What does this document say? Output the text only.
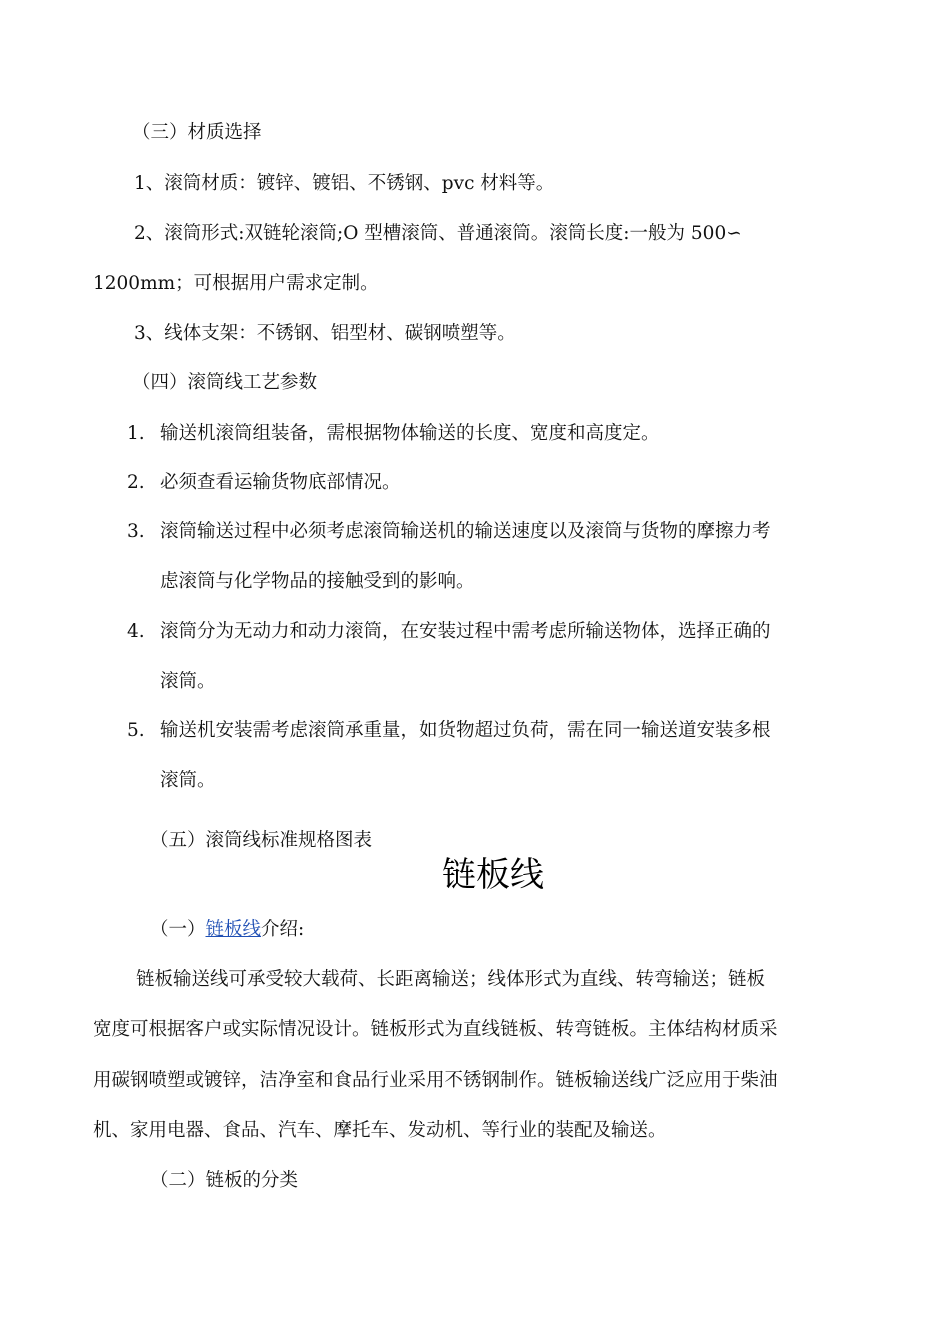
（三）材质选择
1、滚筒材质：镀锌、镀铝、不锈钢、pvc 材料等。
2、滚筒形式:双链轮滚筒;O 型槽滚筒、普通滚筒。滚筒长度:一般为 500∽
1200mm；可根据用户需求定制。
3、线体支架：不锈钢、铝型材、碳钢喷塑等。
（四）滚筒线工艺参数
1. 输送机滚筒组装备，需根据物体输送的长度、宽度和高度定。
2. 必须查看运输货物底部情况。
3. 滚筒输送过程中必须考虑滚筒输送机的输送速度以及滚筒与货物的摩擦力考
虑滚筒与化学物品的接触受到的影响。
4. 滚筒分为无动力和动力滚筒，在安装过程中需考虑所输送物体，选择正确的
滚筒。
5. 输送机安装需考虑滚筒承重量，如货物超过负荷，需在同一输送道安装多根
滚筒。
（五）滚筒线标准规格图表
链板线
（一）链板线介绍:
链板输送线可承受较大载荷、长距离输送；线体形式为直线、转弯输送；链板
宽度可根据客户或实际情况设计。链板形式为直线链板、转弯链板。主体结构材质采
用碳钢喷塑或镀锌，洁净室和食品行业采用不锈钢制作。链板输送线广泛应用于柴油
机、家用电器、食品、汽车、摩托车、发动机、等行业的装配及输送。
（二）链板的分类
